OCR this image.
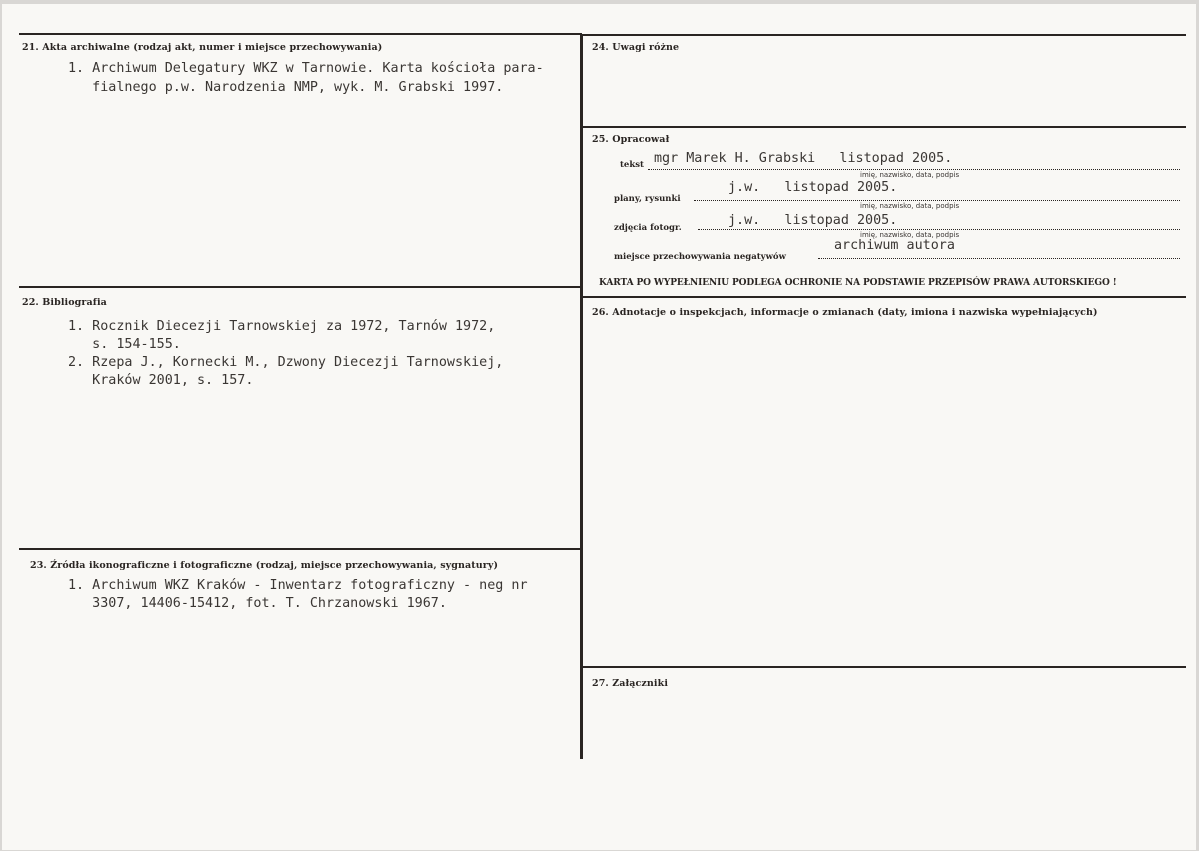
21. Akta archiwalne (rodzaj akt, numer i miejsce przechowywania)
1. Archiwum Delegatury WKZ w Tarnowie. Karta kościoła para-
fialnego p.w. Narodzenia NMP, wyk. M. Grabski 1997.
22. Bibliografia
1. Rocznik Diecezji Tarnowskiej za 1972, Tarnów 1972,
s. 154-155.
2. Rzepa J., Kornecki M., Dzwony Diecezji Tarnowskiej,
Kraków 2001, s. 157.
23. Źródła ikonograficzne i fotograficzne (rodzaj, miejsce przechowywania, sygnatury)
1. Archiwum WKZ Kraków - Inwentarz fotograficzny - neg nr
3307, 14406-15412, fot. T. Chrzanowski 1967.
24. Uwagi różne
25. Opracował
tekst mgr Marek H. Grabski   listopad 2005.
imię, nazwisko, data, podpis
plany, rysunki
j.w.   listopad 2005.
imię, nazwisko, data, podpis
zdjęcia fotogr.	j.w.   listopad 2005.
imię, nazwisko, data, podpis
miejsce przechowywania negatywów
archiwum autora
KARTA PO WYPEŁNIENIU PODLEGA OCHRONIE NA PODSTAWIE PRZEPISÓW PRAWA AUTORSKIEGO !
26. Adnotacje o inspekcjach, informacje o zmianach (daty, imiona i nazwiska wypełniających)
27. Załączniki
